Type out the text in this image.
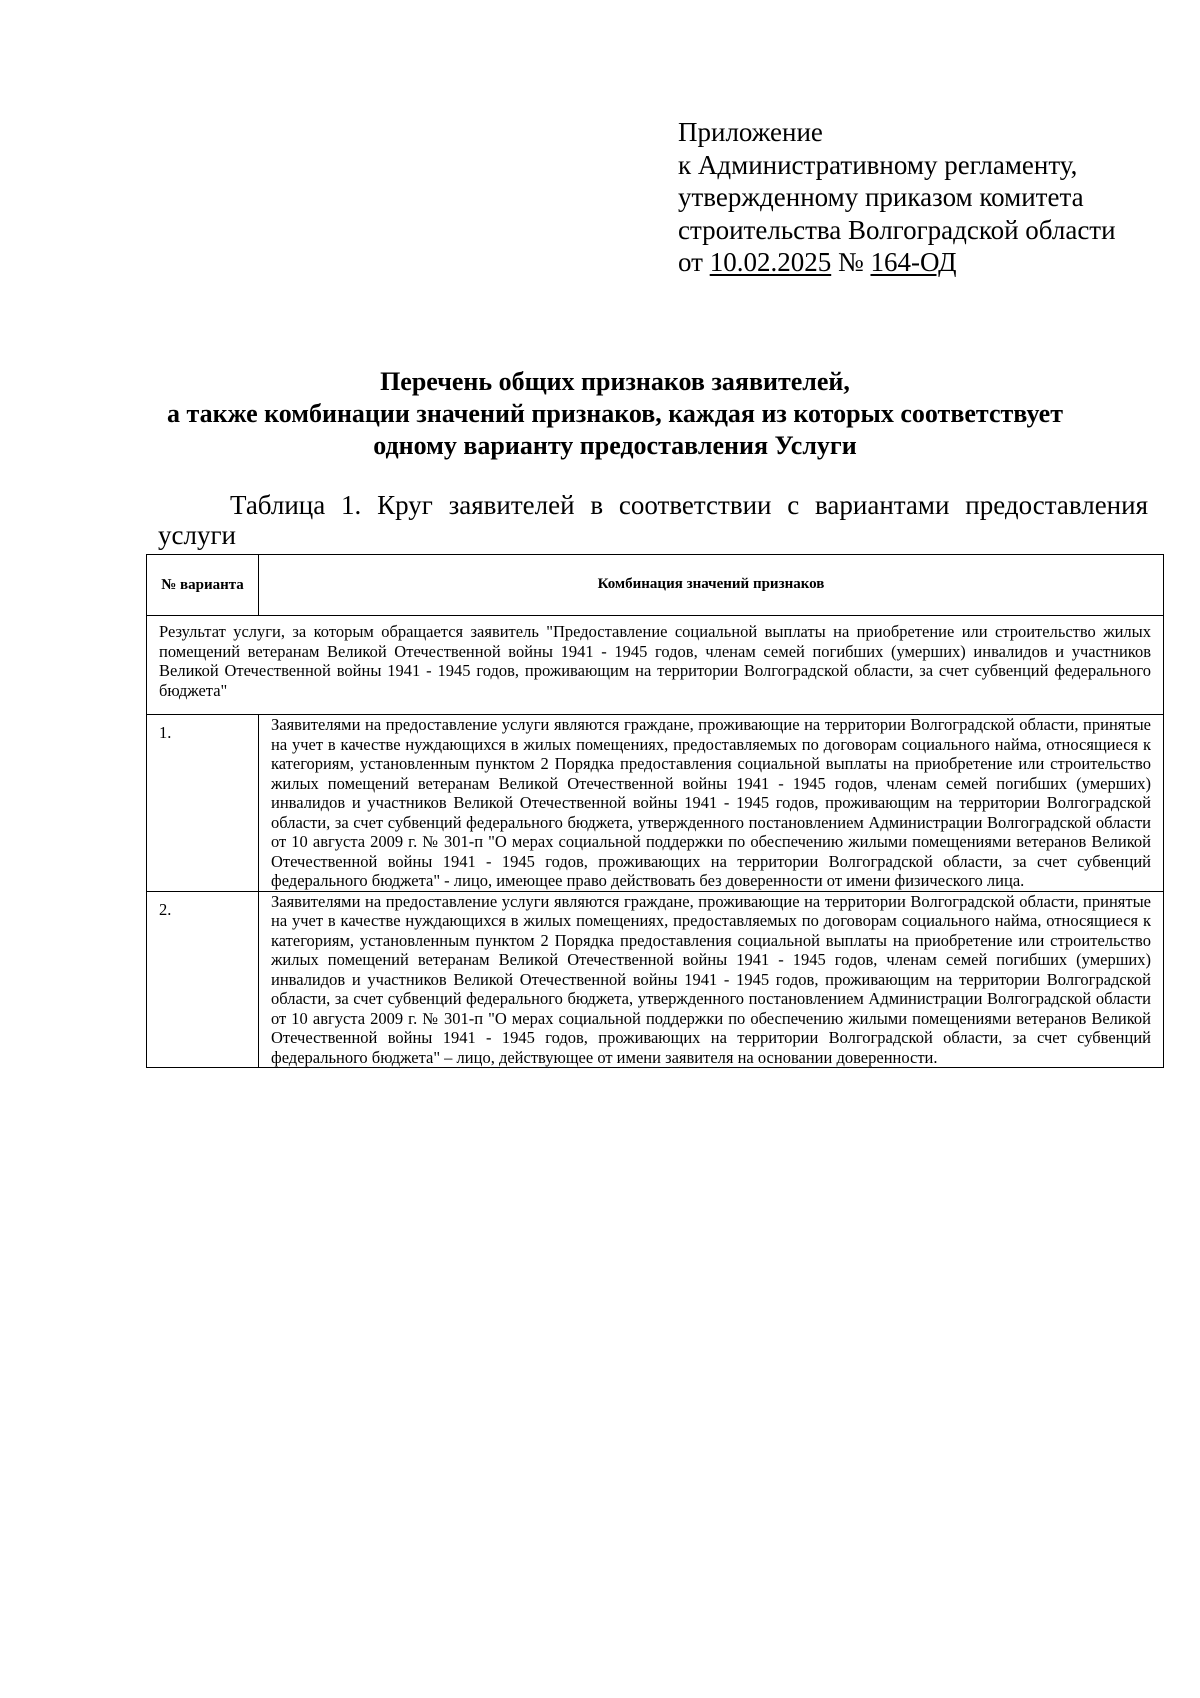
Приложение
к Административному регламенту,
утвержденному приказом комитета
строительства Волгоградской области
от 10.02.2025 № 164-ОД
Перечень общих признаков заявителей,
а также комбинации значений признаков, каждая из которых соответствует
одному варианту предоставления Услуги
Таблица 1. Круг заявителей в соответствии с вариантами предоставления
услуги
№ варианта	Комбинация значений признаков
Результат услуги, за которым обращается заявитель "Предоставление социальной выплаты на приобретение или строительство жилых помещений ветеранам Великой Отечественной войны 1941 - 1945 годов, членам семей погибших (умерших) инвалидов и участников Великой Отечественной войны 1941 - 1945 годов, проживающим на территории Волгоградской области, за счет субвенций федерального бюджета"	
1.	Заявителями на предоставление услуги являются граждане, проживающие на территории Волгоградской области, принятые на учет в качестве нуждающихся в жилых помещениях, предоставляемых по договорам социального найма, относящиеся к категориям, установленным пунктом 2 Порядка предоставления социальной выплаты на приобретение или строительство жилых помещений ветеранам Великой Отечественной войны 1941 - 1945 годов, членам семей погибших (умерших) инвалидов и участников Великой Отечественной войны 1941 - 1945 годов, проживающим на территории Волгоградской области, за счет субвенций федерального бюджета, утвержденного постановлением Администрации Волгоградской области от 10 августа 2009 г. № 301-п "О мерах социальной поддержки по обеспечению жилыми помещениями ветеранов Великой Отечественной войны 1941 - 1945 годов, проживающих на территории Волгоградской области, за счет субвенций федерального бюджета" - лицо, имеющее право действовать без доверенности от имени физического лица.
2.	Заявителями на предоставление услуги являются граждане, проживающие на территории Волгоградской области, принятые на учет в качестве нуждающихся в жилых помещениях, предоставляемых по договорам социального найма, относящиеся к категориям, установленным пунктом 2 Порядка предоставления социальной выплаты на приобретение или строительство жилых помещений ветеранам Великой Отечественной войны 1941 - 1945 годов, членам семей погибших (умерших) инвалидов и участников Великой Отечественной войны 1941 - 1945 годов, проживающим на территории Волгоградской области, за счет субвенций федерального бюджета, утвержденного постановлением Администрации Волгоградской области от 10 августа 2009 г. № 301-п "О мерах социальной поддержки по обеспечению жилыми помещениями ветеранов Великой Отечественной войны 1941 - 1945 годов, проживающих на территории Волгоградской области, за счет субвенций федерального бюджета" – лицо, действующее от имени заявителя на основании доверенности.
